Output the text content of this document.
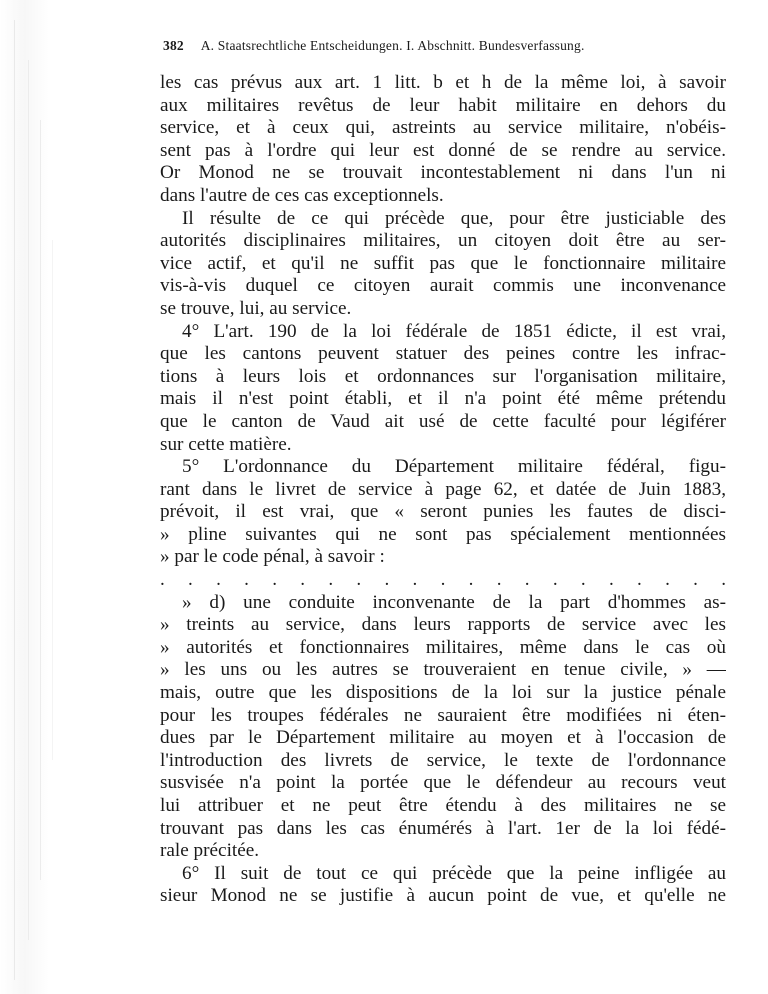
382 A. Staatsrechtliche Entscheidungen. I. Abschnitt. Bundesverfassung.
les cas prévus aux art. 1 litt. b et h de la même loi, à savoir
aux militaires revêtus de leur habit militaire en dehors du
service, et à ceux qui, astreints au service militaire, n'obéis-
sent pas à l'ordre qui leur est donné de se rendre au service.
Or Monod ne se trouvait incontestablement ni dans l'un ni
dans l'autre de ces cas exceptionnels.
Il résulte de ce qui précède que, pour être justiciable des
autorités disciplinaires militaires, un citoyen doit être au ser-
vice actif, et qu'il ne suffit pas que le fonctionnaire militaire
vis-à-vis duquel ce citoyen aurait commis une inconvenance
se trouve, lui, au service.
4° L'art. 190 de la loi fédérale de 1851 édicte, il est vrai,
que les cantons peuvent statuer des peines contre les infrac-
tions à leurs lois et ordonnances sur l'organisation militaire,
mais il n'est point établi, et il n'a point été même prétendu
que le canton de Vaud ait usé de cette faculté pour légiférer
sur cette matière.
5° L'ordonnance du Département militaire fédéral, figu-
rant dans le livret de service à page 62, et datée de Juin 1883,
prévoit, il est vrai, que « seront punies les fautes de disci-
» pline suivantes qui ne sont pas spécialement mentionnées
» par le code pénal, à savoir :
. . . . . . . . . . . . . . . . . . . . .
» d) une conduite inconvenante de la part d'hommes as-
» treints au service, dans leurs rapports de service avec les
» autorités et fonctionnaires militaires, même dans le cas où
» les uns ou les autres se trouveraient en tenue civile, » —
mais, outre que les dispositions de la loi sur la justice pénale
pour les troupes fédérales ne sauraient être modifiées ni éten-
dues par le Département militaire au moyen et à l'occasion de
l'introduction des livrets de service, le texte de l'ordonnance
susvisée n'a point la portée que le défendeur au recours veut
lui attribuer et ne peut être étendu à des militaires ne se
trouvant pas dans les cas énumérés à l'art. 1er de la loi fédé-
rale précitée.
6° Il suit de tout ce qui précède que la peine infligée au
sieur Monod ne se justifie à aucun point de vue, et qu'elle ne
